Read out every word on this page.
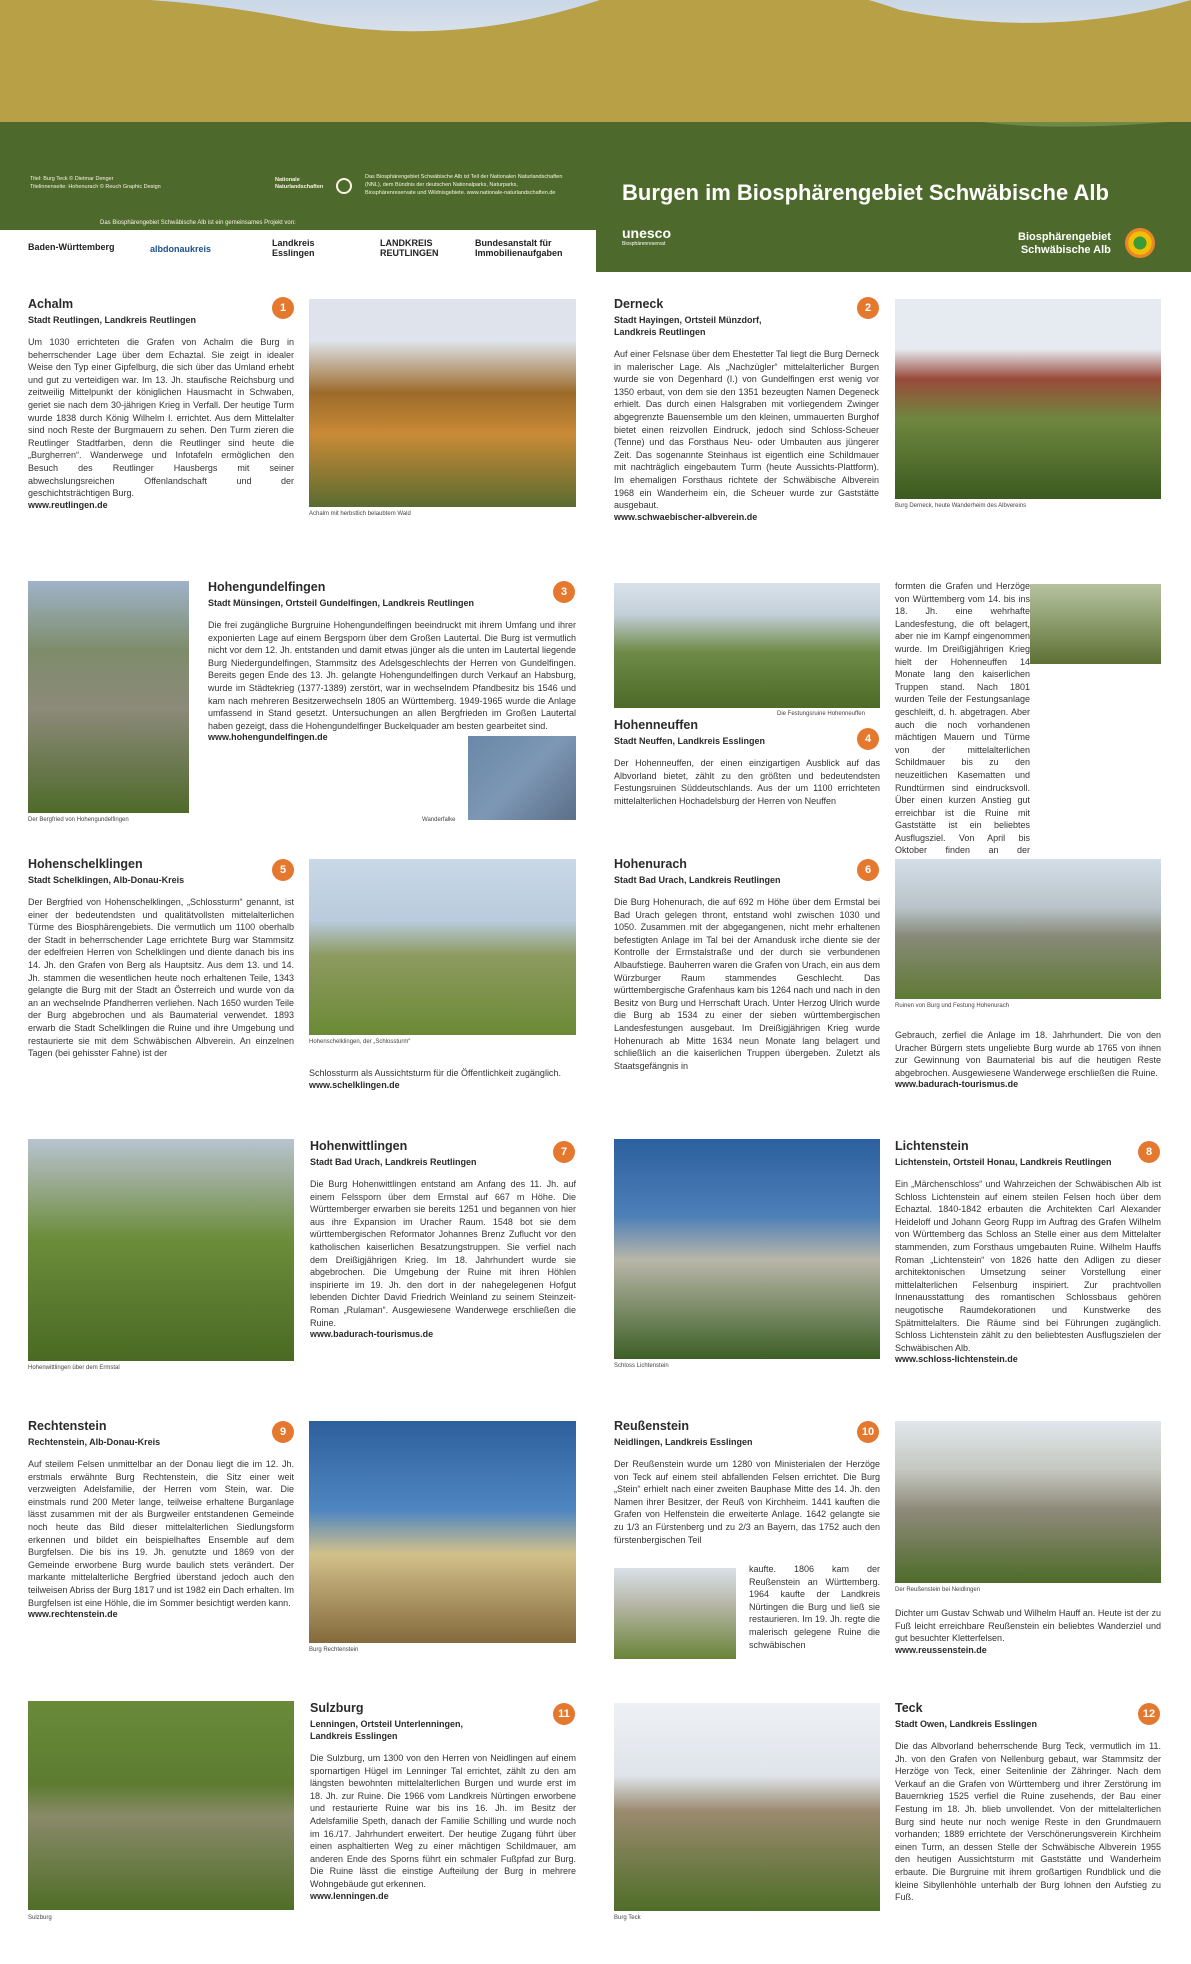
Titel: Burg Teck © Dietmar Denger
Titelinnenseite: Hohenurach © Reuch Graphic Design
Nationale
Naturlandschaften
Das Biosphärengebiet Schwäbische Alb ist Teil der Nationalen Naturlandschaften (NNL), dem Bündnis der deutschen Nationalparks, Naturparks, Biosphärenreservate und Wildnisgebiete. www.nationale-naturlandschaften.de
Das Biosphärengebiet Schwäbische Alb ist ein gemeinsames Projekt von:
Baden-Württemberg	albdonaukreis
Landkreis Esslingen
LANDKREIS REUTLINGEN
Bundesanstalt für Immobilienaufgaben
Burgen im Biosphärengebiet Schwäbische Alb
unesco
Biosphärenreservat
Biosphärengebiet
Schwäbische Alb
Achalm
Stadt Reutlingen, Landkreis Reutlingen
Um 1030 errichteten die Grafen von Achalm die Burg in beherrschender Lage über dem Echaztal. Sie zeigt in idealer Weise den Typ einer Gipfelburg, die sich über das Umland erhebt und gut zu verteidigen war. Im 13. Jh. staufische Reichsburg und zeitweilig Mittelpunkt der königlichen Hausmacht in Schwaben, geriet sie nach dem 30-jährigen Krieg in Verfall. Der heutige Turm wurde 1838 durch König Wilhelm I. errichtet. Aus dem Mittelalter sind noch Reste der Burgmauern zu sehen. Den Turm zieren die Reutlinger Stadtfarben, denn die Reutlinger sind heute die „Burgherren“. Wanderwege und Infotafeln ermöglichen den Besuch des Reutlinger Hausbergs mit seiner abwechslungsreichen Offenlandschaft und der geschichtsträchtigen Burg.
www.reutlingen.de
1
Achalm mit herbstlich belaubtem Wald
Derneck
Stadt Hayingen, Ortsteil Münzdorf,
Landkreis Reutlingen
Auf einer Felsnase über dem Ehestetter Tal liegt die Burg Derneck in malerischer Lage. Als „Nachzügler“ mittelalterlicher Burgen wurde sie von Degenhard (I.) von Gundelfingen erst wenig vor 1350 erbaut, von dem sie den 1351 bezeugten Namen Degeneck erhielt. Das durch einen Halsgraben mit vorliegendem Zwinger abgegrenzte Bauensemble um den kleinen, ummauerten Burghof bietet einen reizvollen Eindruck, jedoch sind Schloss-Scheuer (Tenne) und das Forsthaus Neu- oder Umbauten aus jüngerer Zeit. Das sogenannte Steinhaus ist eigentlich eine Schildmauer mit nachträglich eingebautem Turm (heute Aussichts-Plattform). Im ehemaligen Forsthaus richtete der Schwäbische Albverein 1968 ein Wanderheim ein, die Scheuer wurde zur Gaststätte ausgebaut.
www.schwaebischer-albverein.de
2
Burg Derneck, heute Wanderheim des Albvereins
Der Bergfried von Hohengundelfingen
Hohengundelfingen
Stadt Münsingen, Ortsteil Gundelfingen, Landkreis Reutlingen
Die frei zugängliche Burgruine Hohengundelfingen beeindruckt mit ihrem Umfang und ihrer exponierten Lage auf einem Bergsporn über dem Großen Lautertal. Die Burg ist vermutlich nicht vor dem 12. Jh. entstanden und damit etwas jünger als die unten im Lautertal liegende Burg Niedergundelfingen, Stammsitz des Adelsgeschlechts der Herren von Gundelfingen. Bereits gegen Ende des 13. Jh. gelangte Hohengundelfingen durch Verkauf an Habsburg, wurde im Städtekrieg (1377-1389) zerstört, war in wechselndem Pfandbesitz bis 1546 und kam nach mehreren Besitzerwechseln 1805 an Württemberg. 1949-1965 wurde die Anlage umfassend in Stand gesetzt. Untersuchungen an allen Bergfrieden im Großen Lautertal haben gezeigt, dass die Hohengundelfinger Buckelquader am besten gearbeitet sind.
www.hohengundelfingen.de
3
Wanderfalke
Die Festungsruine Hohenneuffen
Hohenneuffen
Stadt Neuffen, Landkreis Esslingen
Der Hohenneuffen, der einen einzigartigen Ausblick auf das Albvorland bietet, zählt zu den größten und bedeutendsten Festungsruinen Süddeutschlands. Aus der um 1100 errichteten mittelalterlichen Hochadelsburg der Herren von Neuffen
4
formten die Grafen und Herzöge von Württemberg vom 14. bis ins 18. Jh. eine wehrhafte Landesfestung, die oft belagert, aber nie im Kampf eingenommen wurde. Im Dreißigjährigen Krieg hielt der Hohenneuffen 14 Monate lang den kaiserlichen Truppen stand. Nach 1801 wurden Teile der Festungsanlage geschleift, d. h. abgetragen. Aber auch die noch vorhandenen mächtigen Mauern und Türme von der mittelalterlichen Schildmauer bis zu den neuzeitlichen Kasematten und Rundtürmen sind eindrucksvoll. Über einen kurzen Anstieg gut erreichbar ist die Ruine mit Gaststätte ist ein beliebtes Ausflugsziel. Von April bis Oktober finden an der
Hohenschelklingen
Stadt Schelklingen, Alb-Donau-Kreis
Der Bergfried von Hohenschelklingen, „Schlossturm“ genannt, ist einer der bedeutendsten und qualitätvollsten mittelalterlichen Türme des Biosphärengebiets. Die vermutlich um 1100 oberhalb der Stadt in beherrschender Lage errichtete Burg war Stammsitz der edelfreien Herren von Schelklingen und diente danach bis ins 14. Jh. den Grafen von Berg als Hauptsitz. Aus dem 13. und 14. Jh. stammen die wesentlichen heute noch erhaltenen Teile, 1343 gelangte die Burg mit der Stadt an Österreich und wurde von da an an wechselnde Pfandherren verliehen. Nach 1650 wurden Teile der Burg abgebrochen und als Baumaterial verwendet. 1893 erwarb die Stadt Schelklingen die Ruine und ihre Umgebung und restaurierte sie mit dem Schwäbischen Albverein. An einzelnen Tagen (bei gehisster Fahne) ist der
5
Hohenschelklingen, der „Schlossturm“
Schlossturm als Aussichtsturm für die Öffentlichkeit zugänglich.
www.schelklingen.de
Hohenurach
Stadt Bad Urach, Landkreis Reutlingen
Die Burg Hohenurach, die auf 692 m Höhe über dem Ermstal bei Bad Urach gelegen thront, entstand wohl zwischen 1030 und 1050. Zusammen mit der abgegangenen, nicht mehr erhaltenen befestigten Anlage im Tal bei der Amandusk irche diente sie der Kontrolle der Ermstalstraße und der durch sie verbundenen Albaufstiege. Bauherren waren die Grafen von Urach, ein aus dem Würzburger Raum stammendes Geschlecht. Das württembergische Grafenhaus kam bis 1264 nach und nach in den Besitz von Burg und Herrschaft Urach. Unter Herzog Ulrich wurde die Burg ab 1534 zu einer der sieben württembergischen Landesfestungen ausgebaut. Im Dreißigjährigen Krieg wurde Hohenurach ab Mitte 1634 neun Monate lang belagert und schließlich an die kaiserlichen Truppen übergeben. Zuletzt als Staatsgefängnis in
6
Ruinen von Burg und Festung Hohenurach
Gebrauch, zerfiel die Anlage im 18. Jahrhundert. Die von den Uracher Bürgern stets ungeliebte Burg wurde ab 1765 von ihnen zur Gewinnung von Baumaterial bis auf die heutigen Reste abgebrochen. Ausgewiesene Wanderwege erschließen die Ruine.
www.badurach-tourismus.de
Hohenwittlingen über dem Ermstal
Hohenwittlingen
Stadt Bad Urach, Landkreis Reutlingen
Die Burg Hohenwittlingen entstand am Anfang des 11. Jh. auf einem Felssporn über dem Ermstal auf 667 m Höhe. Die Württemberger erwarben sie bereits 1251 und begannen von hier aus ihre Expansion im Uracher Raum. 1548 bot sie dem württembergischen Reformator Johannes Brenz Zuflucht vor den katholischen kaiserlichen Besatzungstruppen. Sie verfiel nach dem Dreißigjährigen Krieg. Im 18. Jahrhundert wurde sie abgebrochen. Die Umgebung der Ruine mit ihren Höhlen inspirierte im 19. Jh. den dort in der nahegelegenen Hofgut lebenden Dichter David Friedrich Weinland zu seinem Steinzeit-Roman „Rulaman“. Ausgewiesene Wanderwege erschließen die Ruine.
www.badurach-tourismus.de
7
Schloss Lichtenstein
Lichtenstein
Lichtenstein, Ortsteil Honau, Landkreis Reutlingen
Ein „Märchenschloss“ und Wahrzeichen der Schwäbischen Alb ist Schloss Lichtenstein auf einem steilen Felsen hoch über dem Echaztal. 1840-1842 erbauten die Architekten Carl Alexander Heideloff und Johann Georg Rupp im Auftrag des Grafen Wilhelm von Württemberg das Schloss an Stelle einer aus dem Mittelalter stammenden, zum Forsthaus umgebauten Ruine. Wilhelm Hauffs Roman „Lichtenstein“ von 1826 hatte den Adligen zu dieser architektonischen Umsetzung seiner Vorstellung einer mittelalterlichen Felsenburg inspiriert. Zur prachtvollen Innenausstattung des romantischen Schlossbaus gehören neugotische Raumdekorationen und Kunstwerke des Spätmittelalters. Die Räume sind bei Führungen zugänglich. Schloss Lichtenstein zählt zu den beliebtesten Ausflugszielen der Schwäbischen Alb.
www.schloss-lichtenstein.de
8
Rechtenstein
Rechtenstein, Alb-Donau-Kreis
Auf steilem Felsen unmittelbar an der Donau liegt die im 12. Jh. erstmals erwähnte Burg Rechtenstein, die Sitz einer weit verzweigten Adelsfamilie, der Herren vom Stein, war. Die einstmals rund 200 Meter lange, teilweise erhaltene Burganlage lässt zusammen mit der als Burgweiler entstandenen Gemeinde noch heute das Bild dieser mittelalterlichen Siedlungsform erkennen und bildet ein beispielhaftes Ensemble auf dem Burgfelsen. Die bis ins 19. Jh. genutzte und 1869 von der Gemeinde erworbene Burg wurde baulich stets verändert. Der markante mittelalterliche Bergfried überstand jedoch auch den teilweisen Abriss der Burg 1817 und ist 1982 ein Dach erhalten. Im Burgfelsen ist eine Höhle, die im Sommer besichtigt werden kann.
www.rechtenstein.de
9
Burg Rechtenstein
Reußenstein
Neidlingen, Landkreis Esslingen
Der Reußenstein wurde um 1280 von Ministerialen der Herzöge von Teck auf einem steil abfallenden Felsen errichtet. Die Burg „Stein“ erhielt nach einer zweiten Bauphase Mitte des 14. Jh. den Namen ihrer Besitzer, der Reuß von Kirchheim. 1441 kauften die Grafen von Helfenstein die erweiterte Anlage. 1642 gelangte sie zu 1/3 an Fürstenberg und zu 2/3 an Bayern, das 1752 auch den fürstenbergischen Teil
10
kaufte. 1806 kam der Reußenstein an Württemberg. 1964 kaufte der Landkreis Nürtingen die Burg und ließ sie restaurieren. Im 19. Jh. regte die malerisch gelegene Ruine die schwäbischen
Der Reußenstein bei Neidlingen
Dichter um Gustav Schwab und Wilhelm Hauff an. Heute ist der zu Fuß leicht erreichbare Reußenstein ein beliebtes Wanderziel und gut besuchter Kletterfelsen.
www.reussenstein.de
Sulzburg
Sulzburg
Lenningen, Ortsteil Unterlenningen,
Landkreis Esslingen
Die Sulzburg, um 1300 von den Herren von Neidlingen auf einem spornartigen Hügel im Lenninger Tal errichtet, zählt zu den am längsten bewohnten mittelalterlichen Burgen und wurde erst im 18. Jh. zur Ruine. Die 1966 vom Landkreis Nürtingen erworbene und restaurierte Ruine war bis ins 16. Jh. im Besitz der Adelsfamilie Speth, danach der Familie Schilling und wurde noch im 16./17. Jahrhundert erweitert. Der heutige Zugang führt über einen asphaltierten Weg zu einer mächtigen Schildmauer, am anderen Ende des Sporns führt ein schmaler Fußpfad zur Burg. Die Ruine lässt die einstige Aufteilung der Burg in mehrere Wohngebäude gut erkennen.
www.lenningen.de
11
Burg Teck
Teck
Stadt Owen, Landkreis Esslingen
Die das Albvorland beherrschende Burg Teck, vermutlich im 11. Jh. von den Grafen von Nellenburg gebaut, war Stammsitz der Herzöge von Teck, einer Seitenlinie der Zähringer. Nach dem Verkauf an die Grafen von Württemberg und ihrer Zerstörung im Bauernkrieg 1525 verfiel die Ruine zusehends, der Bau einer Festung im 18. Jh. blieb unvollendet. Von der mittelalterlichen Burg sind heute nur noch wenige Reste in den Grundmauern vorhanden; 1889 errichtete der Verschönerungsverein Kirchheim einen Turm, an dessen Stelle der Schwäbische Albverein 1955 den heutigen Aussichtsturm mit Gaststätte und Wanderheim erbaute. Die Burgruine mit ihrem großartigen Rundblick und die kleine Sibyllenhöhle unterhalb der Burg lohnen den Aufstieg zu Fuß.
12
